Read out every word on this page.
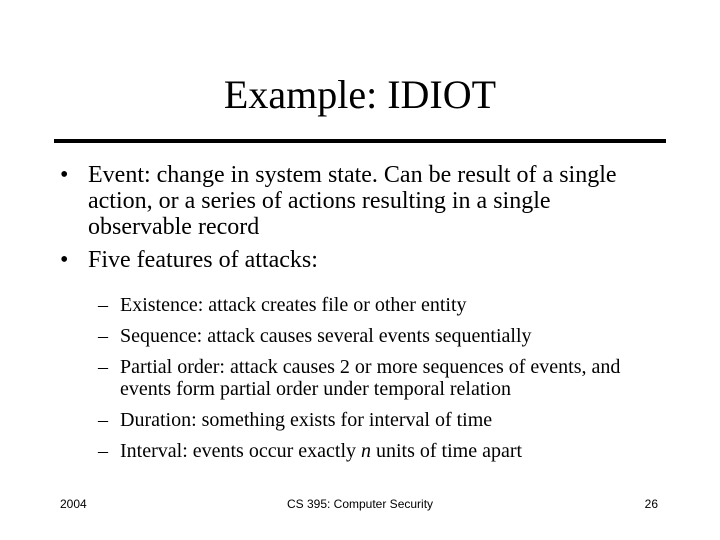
Example: IDIOT
• Event: change in system state. Can be result of a single action, or a series of actions resulting in a single observable record
• Five features of attacks:
– Existence: attack creates file or other entity
– Sequence: attack causes several events sequentially
– Partial order: attack causes 2 or more sequences of events, and events form partial order under temporal relation
– Duration: something exists for interval of time
– Interval: events occur exactly n units of time apart
2004	CS 395: Computer Security	26
